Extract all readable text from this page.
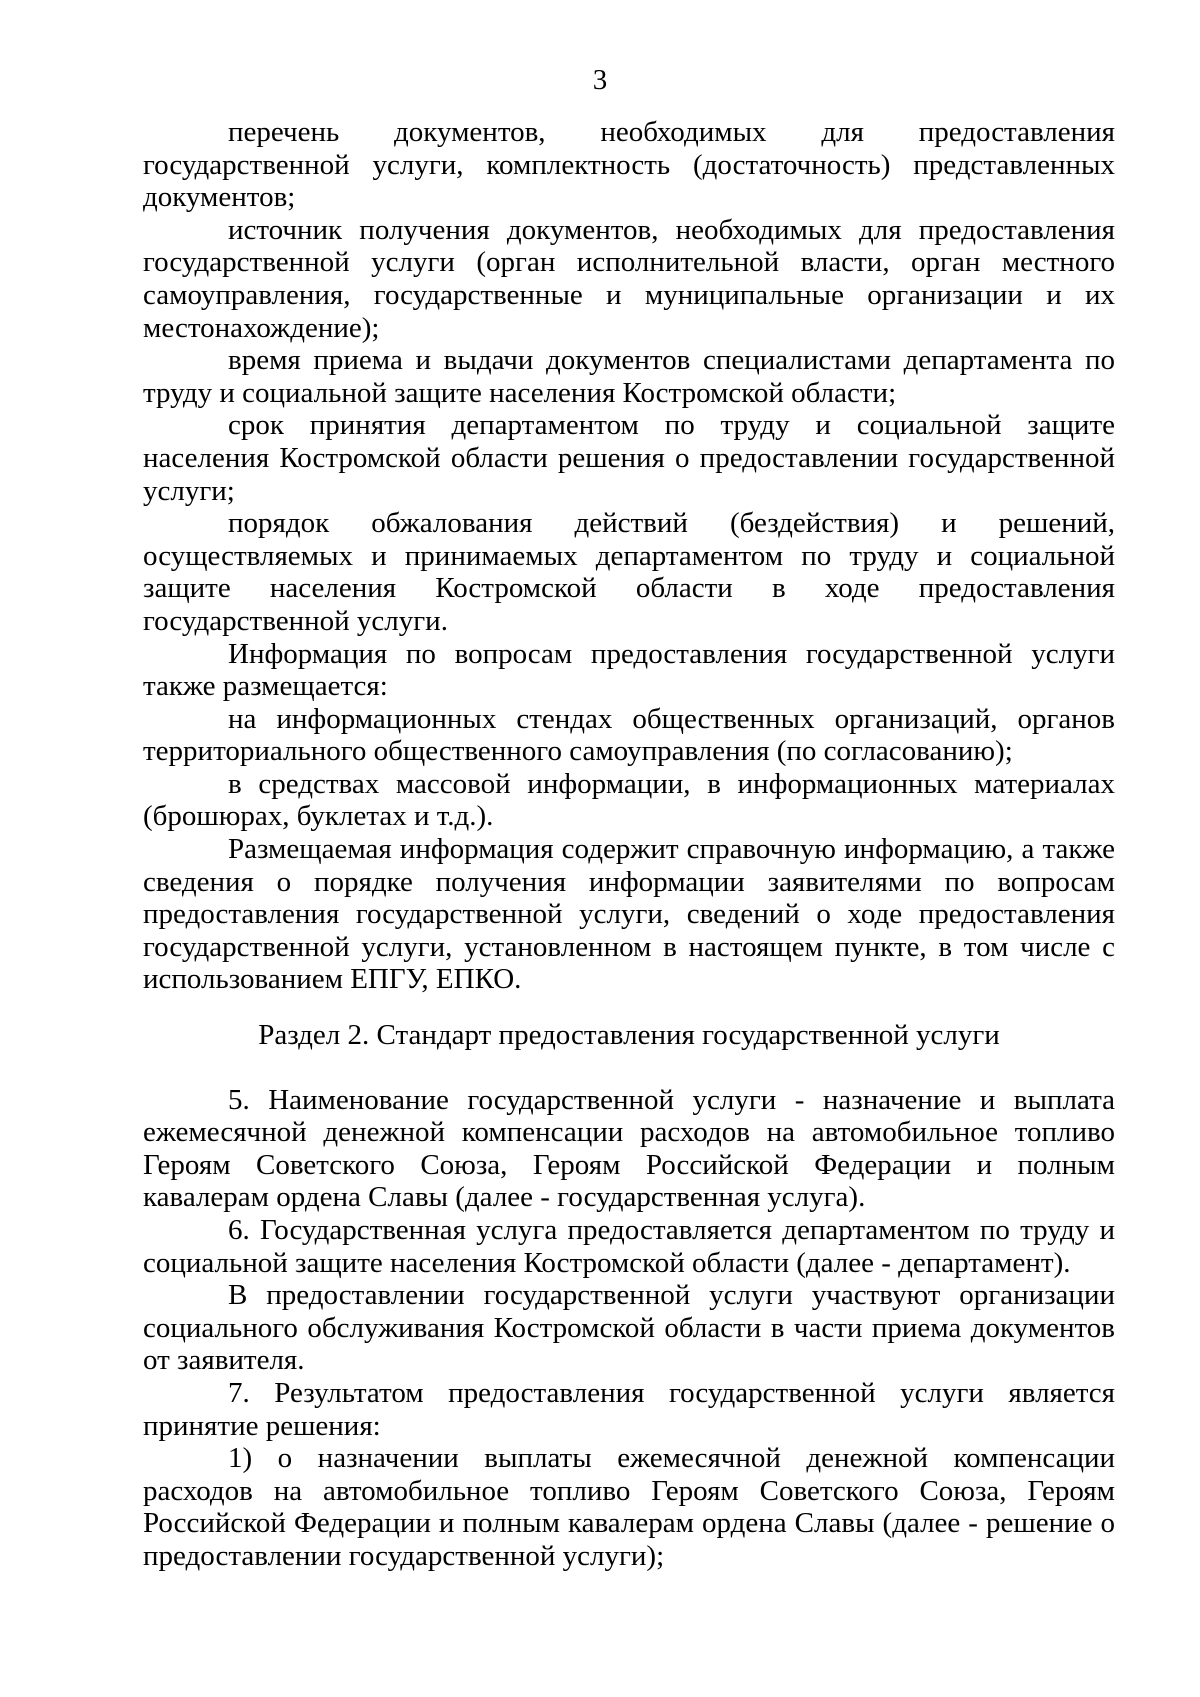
3

перечень документов, необходимых для предоставления государственной услуги, комплектность (достаточность) представленных документов;

источник получения документов, необходимых для предоставления государственной услуги (орган исполнительной власти, орган местного самоуправления, государственные и муниципальные организации и их местонахождение);

время приема и выдачи документов специалистами департамента по труду и социальной защите населения Костромской области;

срок принятия департаментом по труду и социальной защите населения Костромской области решения о предоставлении государственной услуги;

порядок обжалования действий (бездействия) и решений, осуществляемых и принимаемых департаментом по труду и социальной защите населения Костромской области в ходе предоставления государственной услуги.

Информация по вопросам предоставления государственной услуги также размещается:

на информационных стендах общественных организаций, органов территориального общественного самоуправления (по согласованию);

в средствах массовой информации, в информационных материалах (брошюрах, буклетах и т.д.).

Размещаемая информация содержит справочную информацию, а также сведения о порядке получения информации заявителями по вопросам предоставления государственной услуги, сведений о ходе предоставления государственной услуги, установленном в настоящем пункте, в том числе с использованием ЕПГУ, ЕПКО.

Раздел 2. Стандарт предоставления государственной услуги

5. Наименование государственной услуги - назначение и выплата ежемесячной денежной компенсации расходов на автомобильное топливо Героям Советского Союза, Героям Российской Федерации и полным кавалерам ордена Славы (далее - государственная услуга).

6. Государственная услуга предоставляется департаментом по труду и социальной защите населения Костромской области (далее - департамент).

В предоставлении государственной услуги участвуют организации социального обслуживания Костромской области в части приема документов от заявителя.

7. Результатом предоставления государственной услуги является принятие решения:

1) о назначении выплаты ежемесячной денежной компенсации расходов на автомобильное топливо Героям Советского Союза, Героям Российской Федерации и полным кавалерам ордена Славы (далее - решение о предоставлении государственной услуги);
